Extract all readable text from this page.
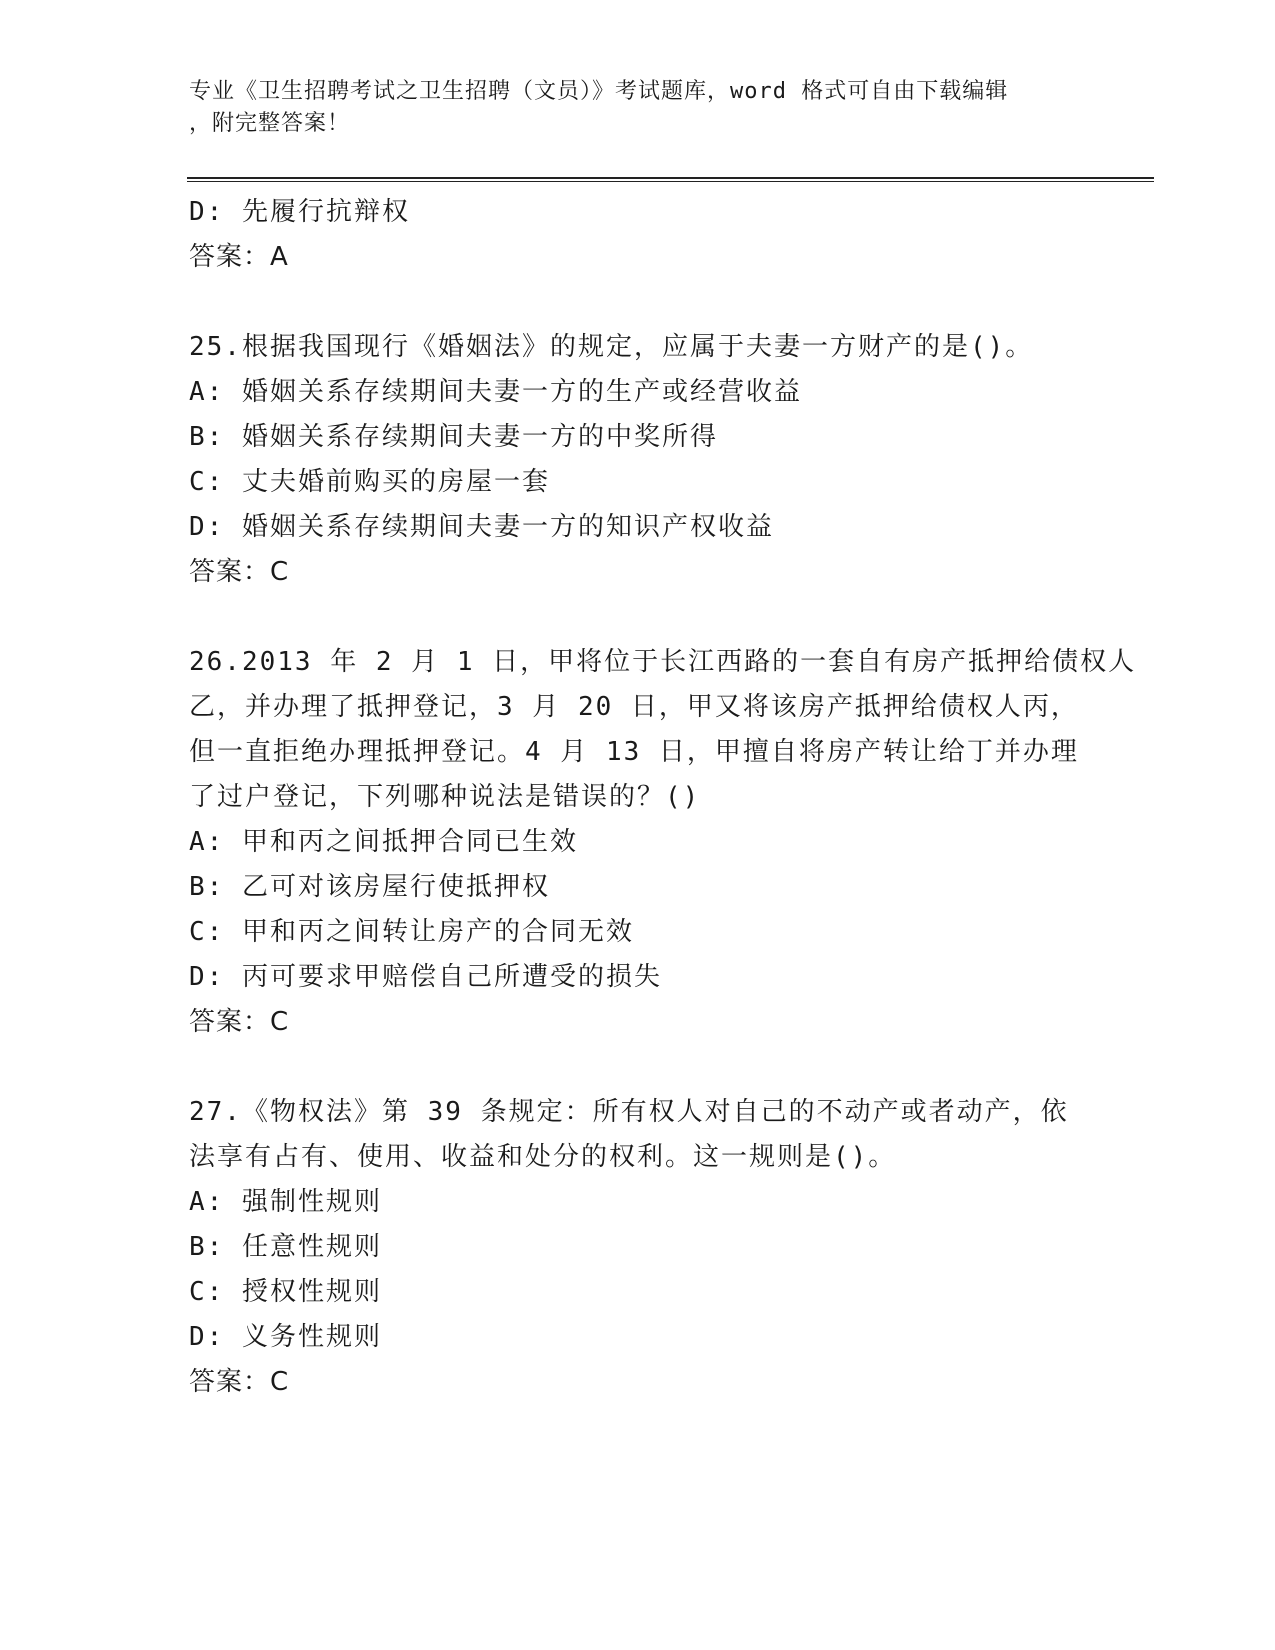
专业《卫生招聘考试之卫生招聘（文员）》考试题库，word 格式可自由下载编辑
，附完整答案！
D: 先履行抗辩权
答案：A
25.根据我国现行《婚姻法》的规定，应属于夫妻一方财产的是()。
A: 婚姻关系存续期间夫妻一方的生产或经营收益
B: 婚姻关系存续期间夫妻一方的中奖所得
C: 丈夫婚前购买的房屋一套
D: 婚姻关系存续期间夫妻一方的知识产权收益
答案：C
26.2013 年 2 月 1 日，甲将位于长江西路的一套自有房产抵押给债权人
乙，并办理了抵押登记，3 月 20 日，甲又将该房产抵押给债权人丙，
但一直拒绝办理抵押登记。4 月 13 日，甲擅自将房产转让给丁并办理
了过户登记，下列哪种说法是错误的？()
A: 甲和丙之间抵押合同已生效
B: 乙可对该房屋行使抵押权
C: 甲和丙之间转让房产的合同无效
D: 丙可要求甲赔偿自己所遭受的损失
答案：C
27.《物权法》第 39 条规定：所有权人对自己的不动产或者动产，依
法享有占有、使用、收益和处分的权利。这一规则是()。
A: 强制性规则
B: 任意性规则
C: 授权性规则
D: 义务性规则
答案：C
